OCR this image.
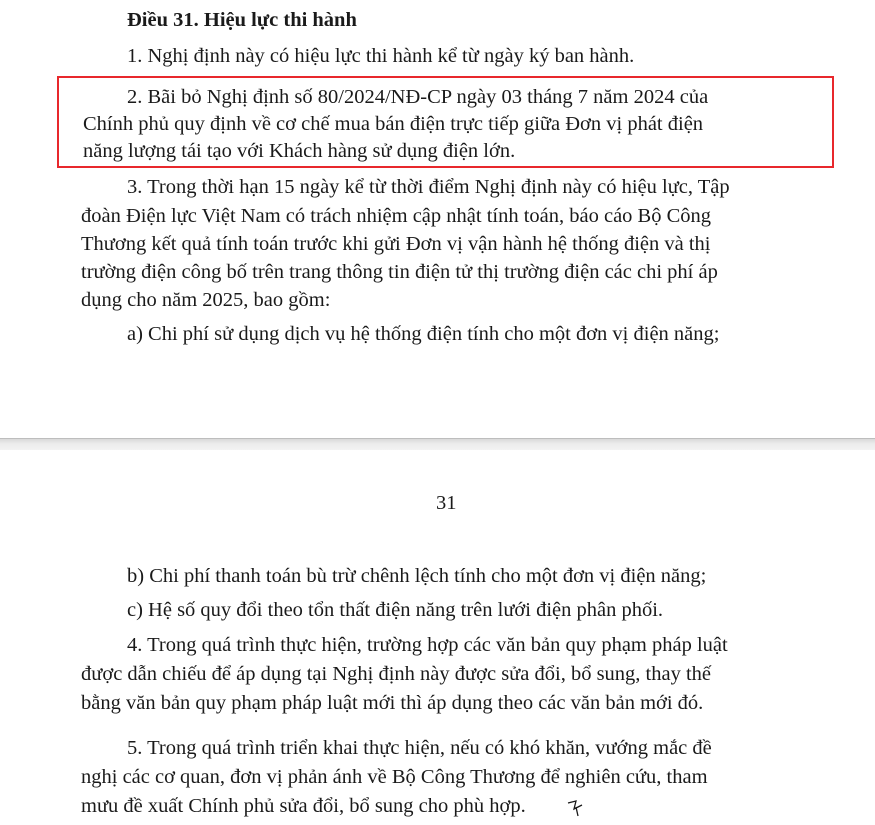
Điều 31. Hiệu lực thi hành
1. Nghị định này có hiệu lực thi hành kể từ ngày ký ban hành.
2. Bãi bỏ Nghị định số 80/2024/NĐ-CP ngày 03 tháng 7 năm 2024 của
Chính phủ quy định về cơ chế mua bán điện trực tiếp giữa Đơn vị phát điện
năng lượng tái tạo với Khách hàng sử dụng điện lớn.
3. Trong thời hạn 15 ngày kể từ thời điểm Nghị định này có hiệu lực, Tập
đoàn Điện lực Việt Nam có trách nhiệm cập nhật tính toán, báo cáo Bộ Công
Thương kết quả tính toán trước khi gửi Đơn vị vận hành hệ thống điện và thị
trường điện công bố trên trang thông tin điện tử thị trường điện các chi phí áp
dụng cho năm 2025, bao gồm:
a) Chi phí sử dụng dịch vụ hệ thống điện tính cho một đơn vị điện năng;
31
b) Chi phí thanh toán bù trừ chênh lệch tính cho một đơn vị điện năng;
c) Hệ số quy đổi theo tổn thất điện năng trên lưới điện phân phối.
4. Trong quá trình thực hiện, trường hợp các văn bản quy phạm pháp luật
được dẫn chiếu để áp dụng tại Nghị định này được sửa đổi, bổ sung, thay thế
bằng văn bản quy phạm pháp luật mới thì áp dụng theo các văn bản mới đó.
5. Trong quá trình triển khai thực hiện, nếu có khó khăn, vướng mắc đề
nghị các cơ quan, đơn vị phản ánh về Bộ Công Thương để nghiên cứu, tham
mưu đề xuất Chính phủ sửa đổi, bổ sung cho phù hợp.
